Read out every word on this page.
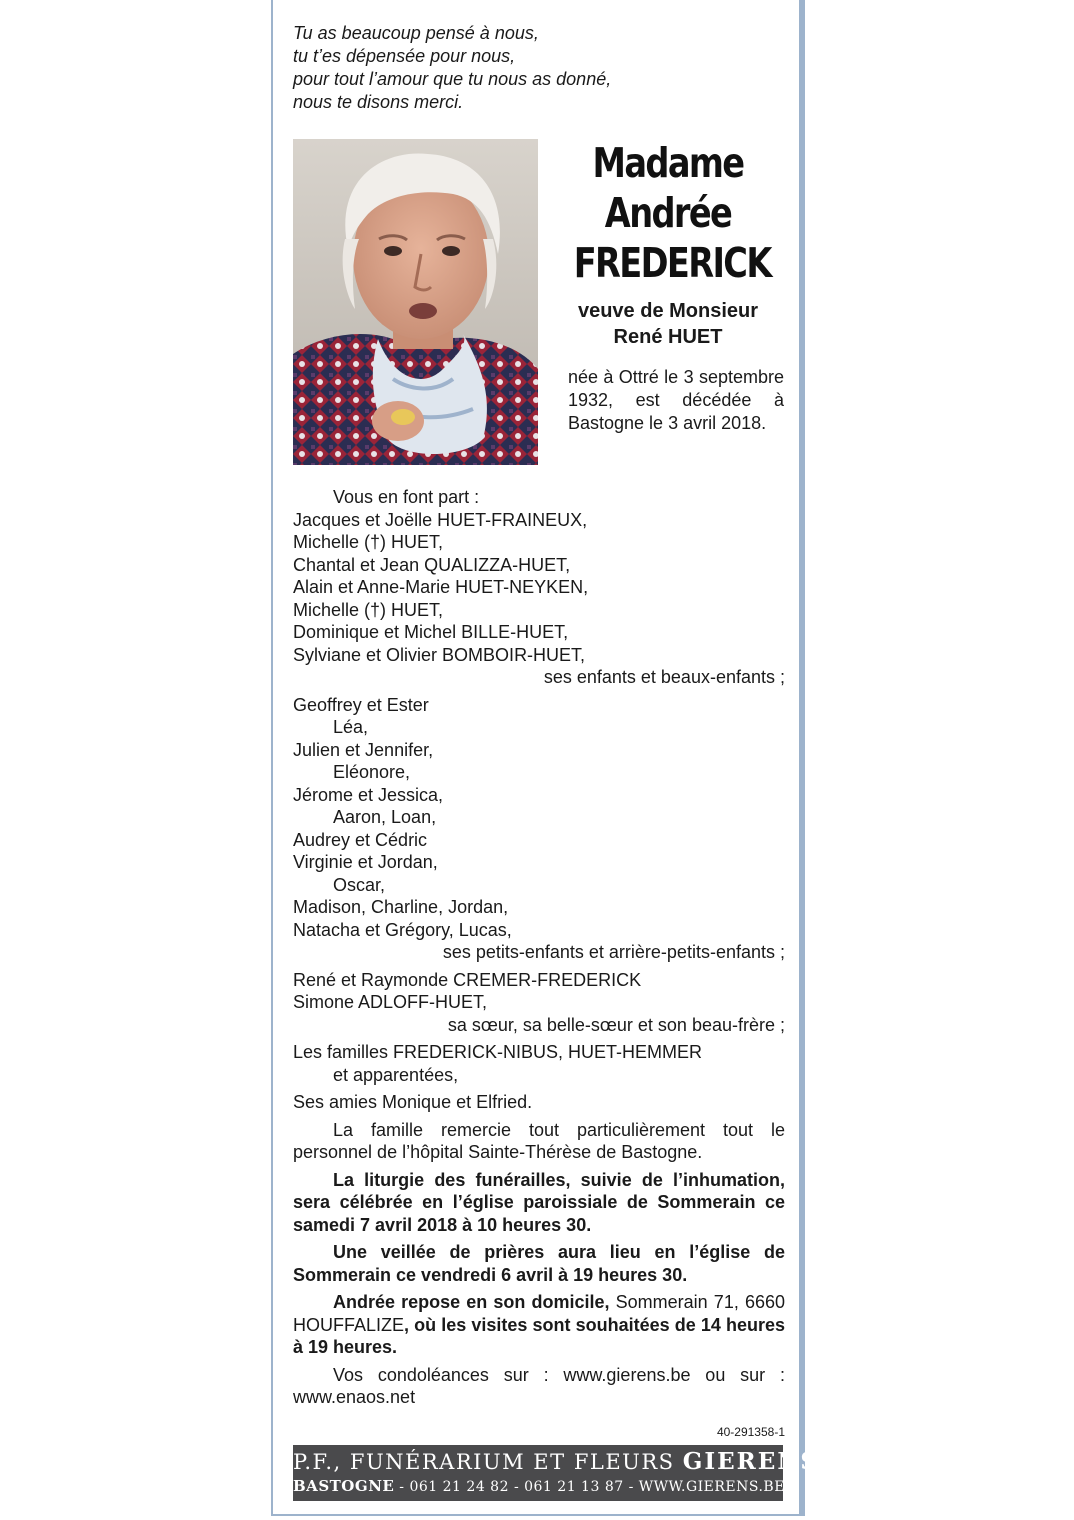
Tu as beaucoup pensé à nous,
tu t’es dépensée pour nous,
pour tout l’amour que tu nous as donné,
nous te disons merci.
Madame
Andrée
FREDERICK
veuve de Monsieur
René HUET
née à Ottré le 3 septembre 1932, est décédée à Bastogne le 3 avril 2018.

Vous en font part :

Jacques et Joëlle HUET-FRAINEUX,

Michelle (†) HUET,

Chantal et Jean QUALIZZA-HUET,

Alain et Anne-Marie HUET-NEYKEN,

Michelle (†) HUET,

Dominique et Michel BILLE-HUET,

Sylviane et Olivier BOMBOIR-HUET,

ses enfants et beaux-enfants ;

Geoffrey et Ester

Léa,

Julien et Jennifer,

Eléonore,

Jérome et Jessica,

Aaron, Loan,

Audrey et Cédric

Virginie et Jordan,

Oscar,

Madison, Charline, Jordan,

Natacha et Grégory, Lucas,

ses petits-enfants et arrière-petits-enfants ;

René et Raymonde CREMER-FREDERICK

Simone ADLOFF-HUET,

sa sœur, sa belle-sœur et son beau-frère ;

Les familles FREDERICK-NIBUS, HUET-HEMMER

et apparentées,

Ses amies Monique et Elfried.

La famille remercie tout particulièrement tout le personnel de l’hôpital Sainte-Thérèse de Bastogne.

La liturgie des funérailles, suivie de l’inhumation, sera célébrée en l’église paroissiale de Sommerain ce samedi 7 avril 2018 à 10 heures 30.

Une veillée de prières aura lieu en l’église de Sommerain ce vendredi 6 avril à 19 heures 30.

Andrée repose en son domicile, Sommerain 71, 6660 HOUFFALIZE, où les visites sont souhaitées de 14 heures à 19 heures.

Vos condoléances sur : www.gierens.be ou sur : www.enaos.net

40-291358-1
P.F., FUNÉRARIUM ET FLEURS GIERENS
BASTOGNE - 061 21 24 82 - 061 21 13 87 - WWW.GIERENS.BE
